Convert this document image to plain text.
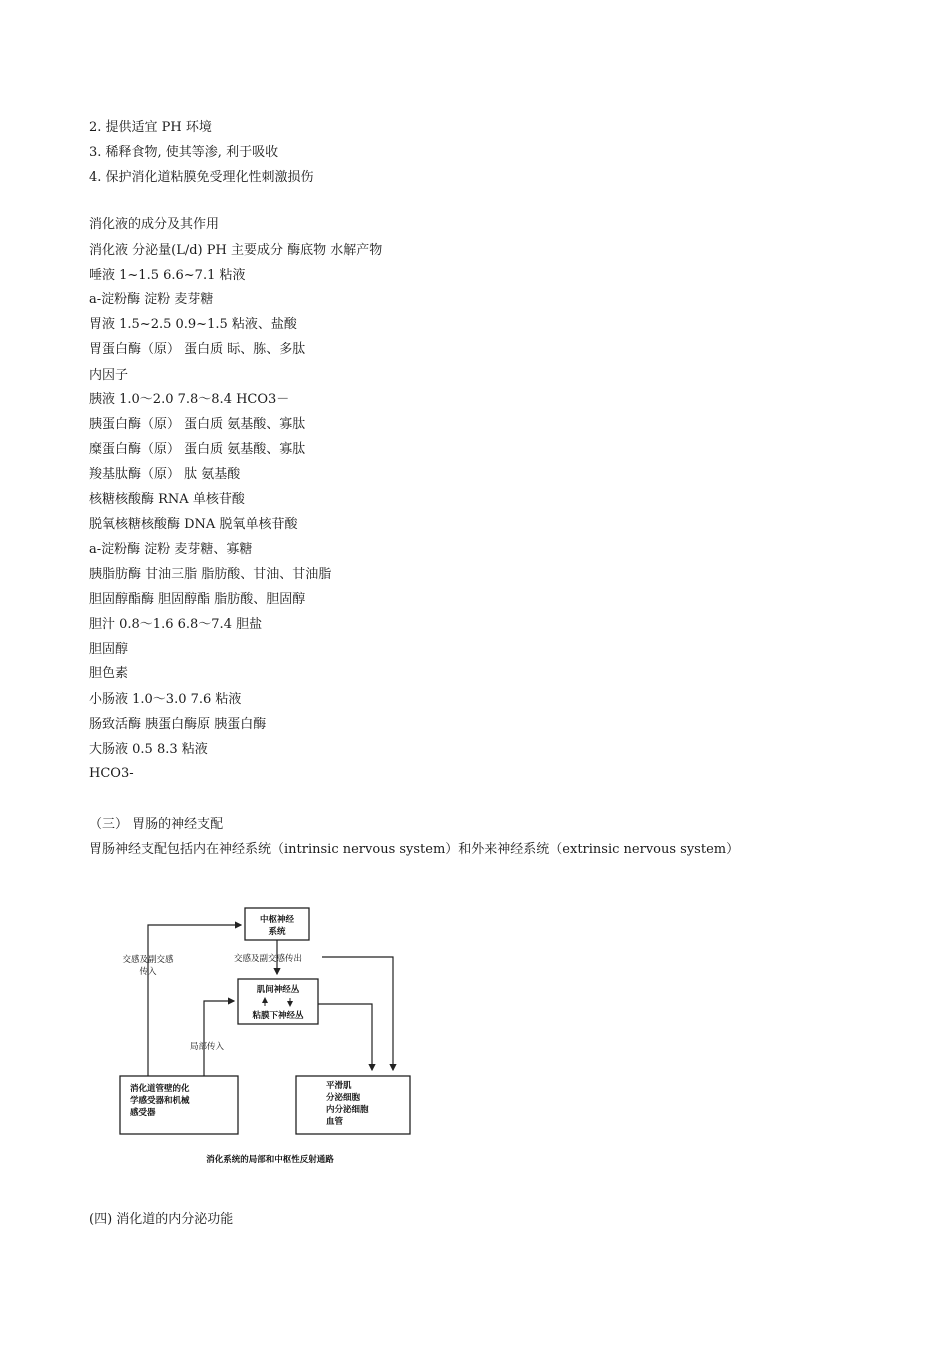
2. 提供适宜 PH 环境
3. 稀释食物, 使其等渗, 利于吸收
4. 保护消化道粘膜免受理化性刺激损伤
消化液的成分及其作用
消化液 分泌量(L/d) PH 主要成分 酶底物 水解产物
唾液 1~1.5 6.6~7.1 粘液
a-淀粉酶 淀粉 麦芽糖
胃液 1.5~2.5 0.9~1.5 粘液、盐酸
胃蛋白酶（原） 蛋白质 眎、胨、多肽
内因子
胰液 1.0～2.0 7.8～8.4 HCO3－
胰蛋白酶（原） 蛋白质 氨基酸、寡肽
糜蛋白酶（原） 蛋白质 氨基酸、寡肽
羧基肽酶（原） 肽 氨基酸
核糖核酸酶 RNA 单核苷酸
脱氧核糖核酸酶 DNA 脱氧单核苷酸
a-淀粉酶 淀粉 麦芽糖、寡糖
胰脂肪酶 甘油三脂 脂肪酸、甘油、甘油脂
胆固醇酯酶 胆固醇酯 脂肪酸、胆固醇
胆汁 0.8～1.6 6.8～7.4 胆盐
胆固醇
胆色素
小肠液 1.0～3.0 7.6 粘液
肠致活酶 胰蛋白酶原 胰蛋白酶
大肠液 0.5 8.3 粘液
HCO3-
（三） 胃肠的神经支配
胃肠神经支配包括内在神经系统（intrinsic nervous system）和外来神经系统（extrinsic nervous system）
中枢神经
系统
交感及副交感
传入
交感及副交感传出
肌间神经丛
粘膜下神经丛
局部传入
消化道管壁的化
学感受器和机械
感受器
平滑肌
分泌细胞
内分泌细胞
血管
消化系统的局部和中枢性反射通路
(四) 消化道的内分泌功能
